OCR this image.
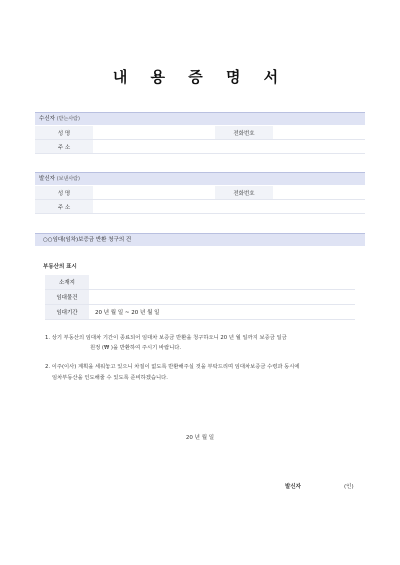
내 용 증 명 서
수신자 (받는사람)
성 명		전화번호	
주 소			
발신자 (보낸사람)
성 명		전화번호	
주 소			
○○임대(임차)보증금 반환 청구의 건
부동산의 표시
소재지	
임대물건	
임대기간	20 년 월 일 ~ 20 년 월 일
1. 상기 부동산의 임대차 기간이 종료되어 임대차 보증금 반환을 청구하오니 20 년 월 일까지 보증금 일금
원정 (₩ )을 반환하여 주시기 바랍니다.
2. 이주(이사) 계획을 세워놓고 있으니 차질이 없도록 반환해주실 것을 부탁드리며 임대차보증금 수령과 동시에
임차부동산을 인도해줄 수 있도록 준비하겠습니다.
20 년 월 일
발신자	(인)
